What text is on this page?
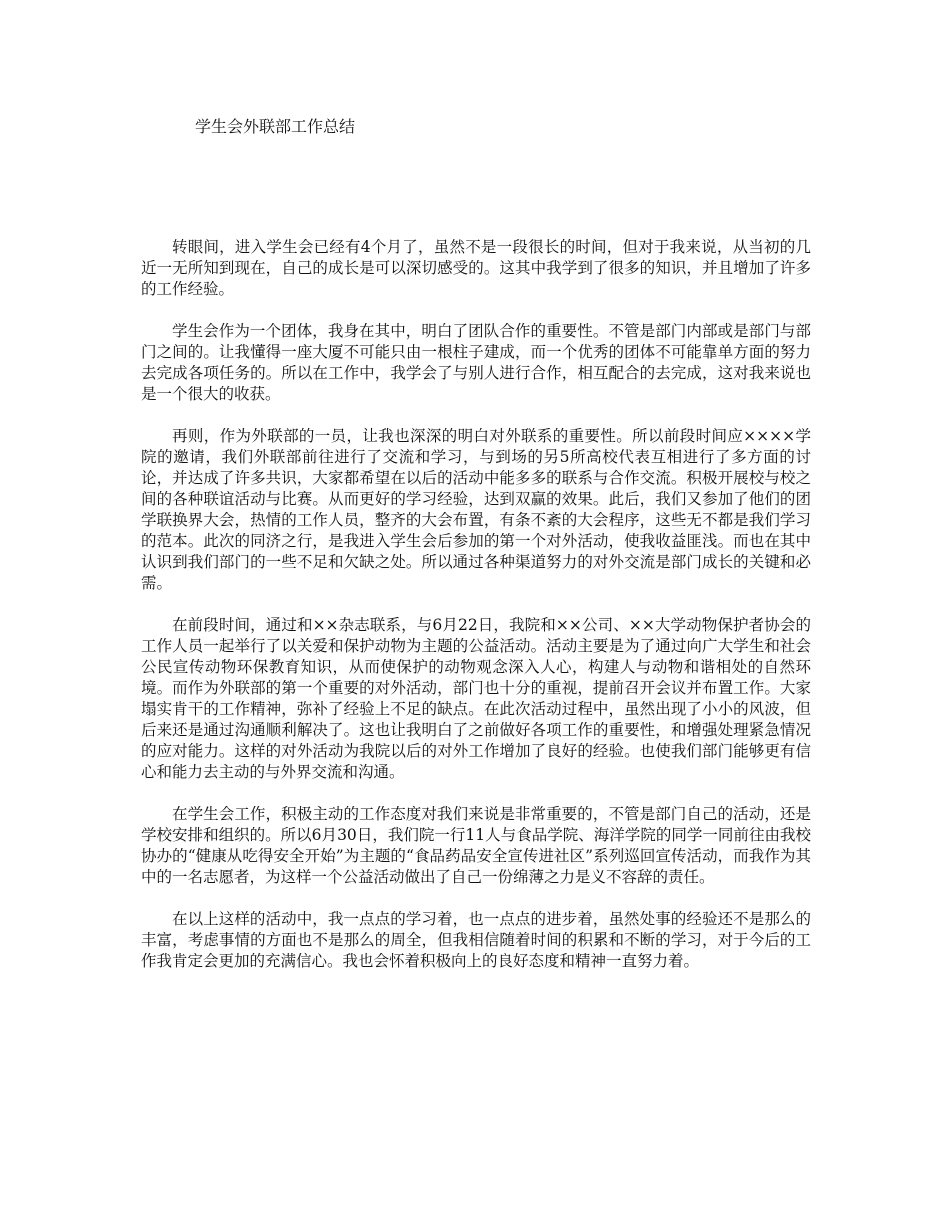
学生会外联部工作总结

转眼间，进入学生会已经有4个月了，虽然不是一段很长的时间，但对于我来说，从当初的几近一无所知到现在，自己的成长是可以深切感受的。这其中我学到了很多的知识，并且增加了许多的工作经验。

学生会作为一个团体，我身在其中，明白了团队合作的重要性。不管是部门内部或是部门与部门之间的。让我懂得一座大厦不可能只由一根柱子建成，而一个优秀的团体不可能靠单方面的努力去完成各项任务的。所以在工作中，我学会了与别人进行合作，相互配合的去完成，这对我来说也是一个很大的收获。

再则，作为外联部的一员，让我也深深的明白对外联系的重要性。所以前段时间应××××学院的邀请，我们外联部前往进行了交流和学习，与到场的另5所高校代表互相进行了多方面的讨论，并达成了许多共识，大家都希望在以后的活动中能多多的联系与合作交流。积极开展校与校之间的各种联谊活动与比赛。从而更好的学习经验，达到双赢的效果。此后，我们又参加了他们的团学联换界大会，热情的工作人员，整齐的大会布置，有条不紊的大会程序，这些无不都是我们学习的范本。此次的同济之行，是我进入学生会后参加的第一个对外活动，使我收益匪浅。而也在其中认识到我们部门的一些不足和欠缺之处。所以通过各种渠道努力的对外交流是部门成长的关键和必需。

在前段时间，通过和××杂志联系，与6月22日，我院和××公司、××大学动物保护者协会的工作人员一起举行了以关爱和保护动物为主题的公益活动。活动主要是为了通过向广大学生和社会公民宣传动物环保教育知识，从而使保护的动物观念深入人心，构建人与动物和谐相处的自然环境。而作为外联部的第一个重要的对外活动，部门也十分的重视，提前召开会议并布置工作。大家塌实肯干的工作精神，弥补了经验上不足的缺点。在此次活动过程中，虽然出现了小小的风波，但后来还是通过沟通顺利解决了。这也让我明白了之前做好各项工作的重要性，和增强处理紧急情况的应对能力。这样的对外活动为我院以后的对外工作增加了良好的经验。也使我们部门能够更有信心和能力去主动的与外界交流和沟通。

在学生会工作，积极主动的工作态度对我们来说是非常重要的，不管是部门自己的活动，还是学校安排和组织的。所以6月30日，我们院一行11人与食品学院、海洋学院的同学一同前往由我校协办的“健康从吃得安全开始”为主题的“食品药品安全宣传进社区”系列巡回宣传活动，而我作为其中的一名志愿者，为这样一个公益活动做出了自己一份绵薄之力是义不容辞的责任。

在以上这样的活动中，我一点点的学习着，也一点点的进步着，虽然处事的经验还不是那么的丰富，考虑事情的方面也不是那么的周全，但我相信随着时间的积累和不断的学习，对于今后的工作我肯定会更加的充满信心。我也会怀着积极向上的良好态度和精神一直努力着。
